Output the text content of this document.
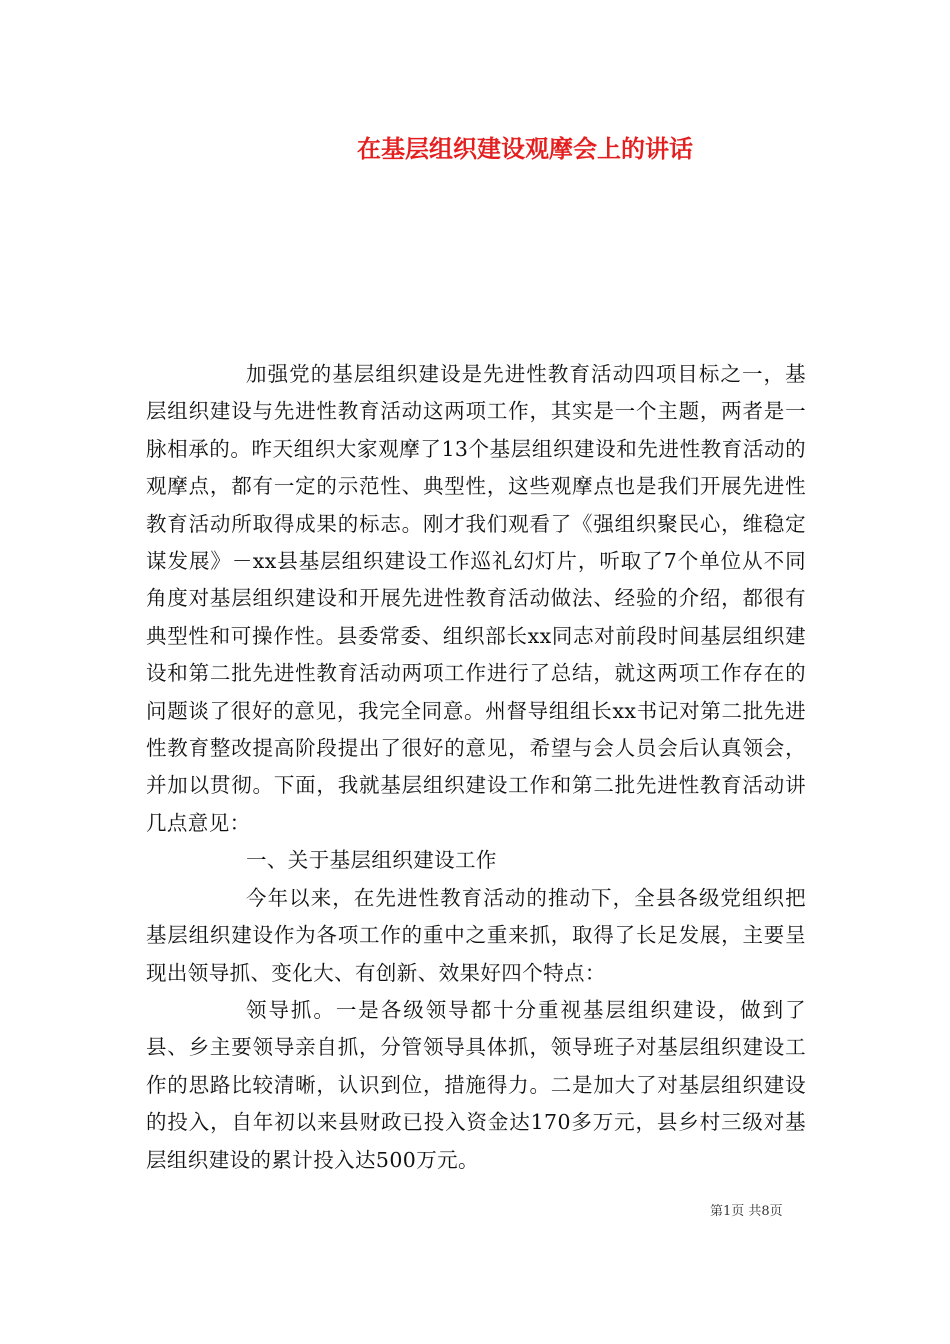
在基层组织建设观摩会上的讲话

加强党的基层组织建设是先进性教育活动四项目标之一，基层组织建设与先进性教育活动这两项工作，其实是一个主题，两者是一脉相承的。昨天组织大家观摩了13个基层组织建设和先进性教育活动的观摩点，都有一定的示范性、典型性，这些观摩点也是我们开展先进性教育活动所取得成果的标志。刚才我们观看了《强组织聚民心，维稳定谋发展》－xx县基层组织建设工作巡礼幻灯片，听取了7个单位从不同角度对基层组织建设和开展先进性教育活动做法、经验的介绍，都很有典型性和可操作性。县委常委、组织部长xx同志对前段时间基层组织建设和第二批先进性教育活动两项工作进行了总结，就这两项工作存在的问题谈了很好的意见，我完全同意。州督导组组长xx书记对第二批先进性教育整改提高阶段提出了很好的意见，希望与会人员会后认真领会，并加以贯彻。下面，我就基层组织建设工作和第二批先进性教育活动讲几点意见：

一、关于基层组织建设工作

今年以来，在先进性教育活动的推动下，全县各级党组织把基层组织建设作为各项工作的重中之重来抓，取得了长足发展，主要呈现出领导抓、变化大、有创新、效果好四个特点：

领导抓。一是各级领导都十分重视基层组织建设，做到了县、乡主要领导亲自抓，分管领导具体抓，领导班子对基层组织建设工作的思路比较清晰，认识到位，措施得力。二是加大了对基层组织建设的投入，自年初以来县财政已投入资金达170多万元，县乡村三级对基层组织建设的累计投入达500万元。

第1页 共8页
